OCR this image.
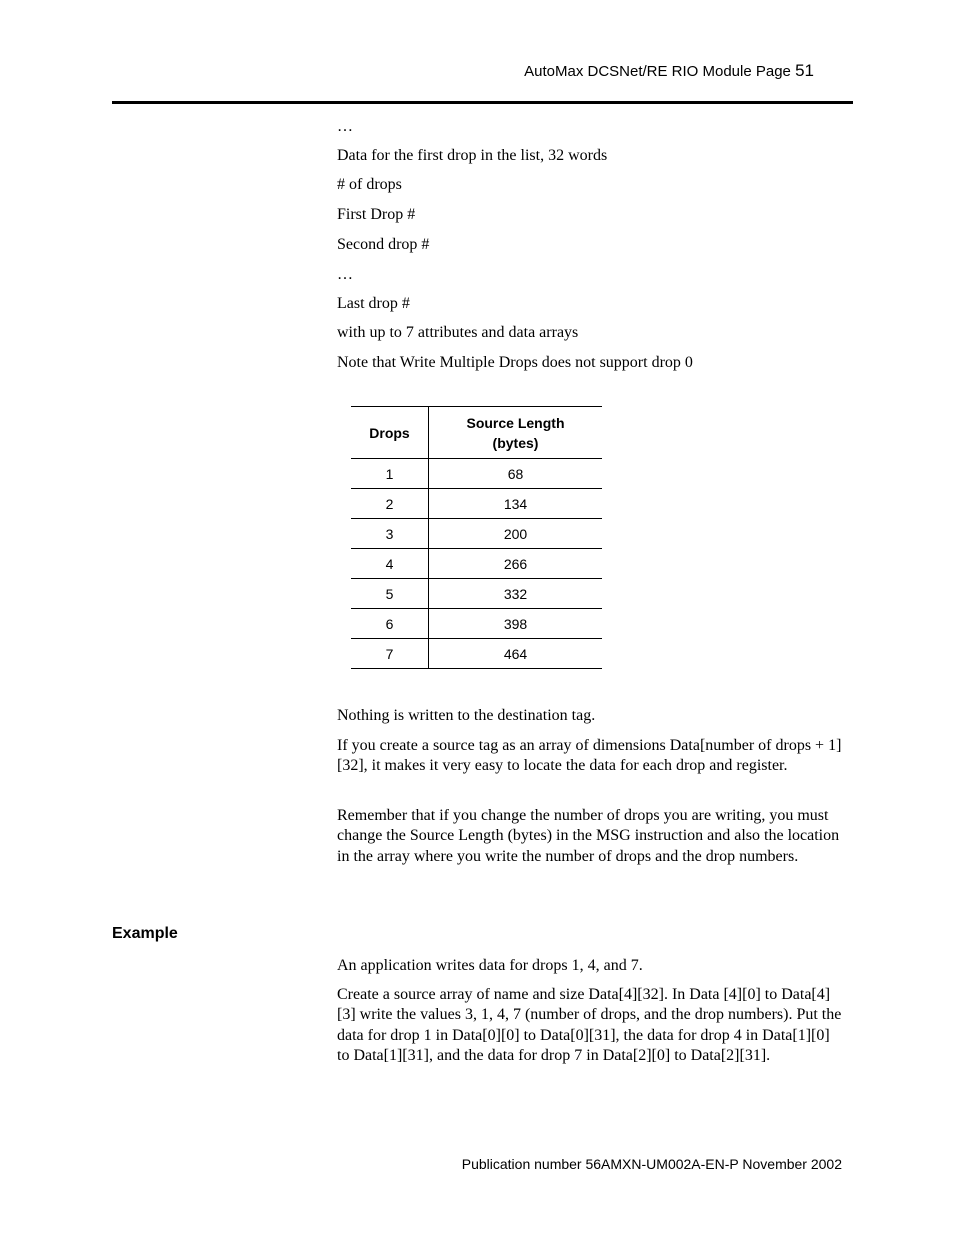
AutoMax DCSNet/RE RIO Module Page 51
…
Data for the first drop in the list, 32 words
# of drops
First Drop #
Second drop #
…
Last drop #
with up to 7 attributes and data arrays
Note that Write Multiple Drops does not support drop 0
Drops	Source Length (bytes)
1	68
2	134
3	200
4	266
5	332
6	398
7	464

Nothing is written to the destination tag.

If you create a source tag as an array of dimensions Data[number of drops + 1][32], it makes it very easy to locate the data for each drop and register.

Remember that if you change the number of drops you are writing, you must change the Source Length (bytes) in the MSG instruction and also the location in the array where you write the number of drops and the drop numbers.

Example

An application writes data for drops 1, 4, and 7.

Create a source array of name and size Data[4][32]. In Data [4][0] to Data[4][3] write the values 3, 1, 4, 7 (number of drops, and the drop numbers). Put the data for drop 1 in Data[0][0] to Data[0][31], the data for drop 4 in Data[1][0] to Data[1][31], and the data for drop 7 in Data[2][0] to Data[2][31].

Publication number 56AMXN-UM002A-EN-P November 2002
